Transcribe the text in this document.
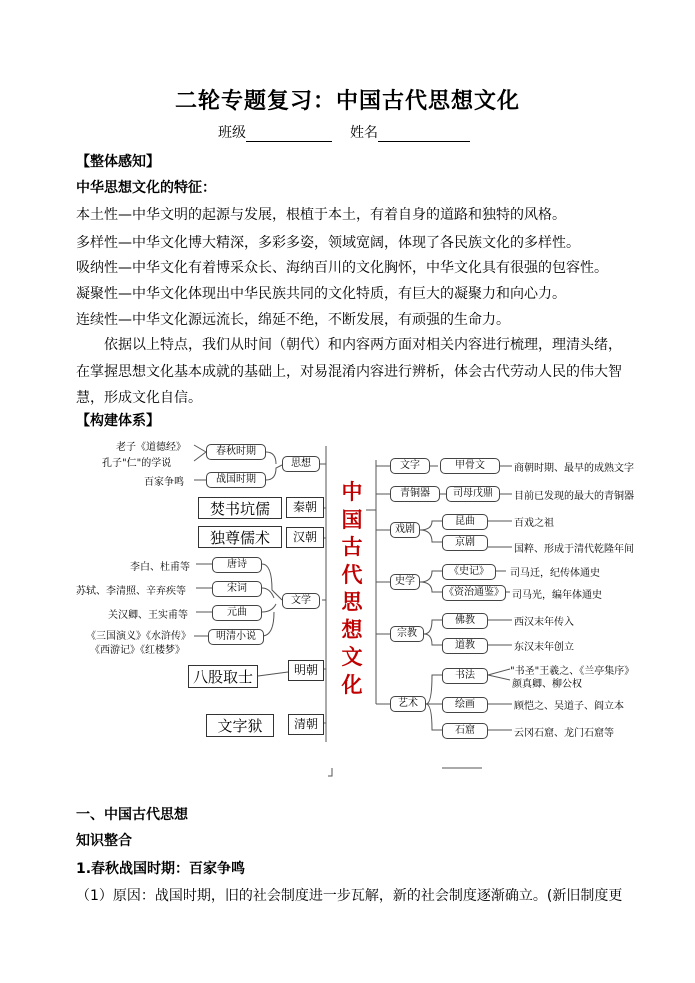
二轮专题复习：中国古代思想文化
班级	姓名
【整体感知】
中华思想文化的特征：
本土性—中华文明的起源与发展，根植于本土，有着自身的道路和独特的风格。
多样性—中华文化博大精深，多彩多姿，领域宽阔，体现了各民族文化的多样性。
吸纳性—中华文化有着博采众长、海纳百川的文化胸怀，中华文化具有很强的包容性。
凝聚性—中华文化体现出中华民族共同的文化特质，有巨大的凝聚力和向心力。
连续性—中华文化源远流长，绵延不绝，不断发展，有顽强的生命力。
依据以上特点，我们从时间（朝代）和内容两方面对相关内容进行梳理，理清头绪，
在掌握思想文化基本成就的基础上，对易混淆内容进行辨析，体会古代劳动人民的伟大智
慧，形成文化自信。
【构建体系】
中
国
古
代
思
想
文
化
老子《道德经》
孔子"仁"的学说
百家争鸣
春秋时期
战国时期
思想
焚书坑儒	秦朝
独尊儒术	汉朝
李白、杜甫等
苏轼、李清照、辛弃疾等
关汉卿、王实甫等
《三国演义》《水浒传》
《西游记》《红楼梦》
唐诗
宋词
元曲
明清小说
文学
八股取士	明朝
文字狱	清朝
文字
青铜器
戏剧
史学
宗教
艺术
甲骨文	商朝时期、最早的成熟文字
司母戊鼎	目前已发现的最大的青铜器
昆曲	百戏之祖
京剧
国粹、形成于清代乾隆年间
《史记》	司马迁，纪传体通史
《资治通鉴》 司马光，编年体通史
佛教	西汉末年传入
道教	东汉末年创立
书法	"书圣"王羲之、《兰亭集序》
颜真卿、柳公权
绘画	顾恺之、吴道子、阎立本
石窟	云冈石窟、龙门石窟等
一、中国古代思想
知识整合
1.春秋战国时期：百家争鸣
（1）原因：战国时期，旧的社会制度进一步瓦解，新的社会制度逐渐确立。(新旧制度更
